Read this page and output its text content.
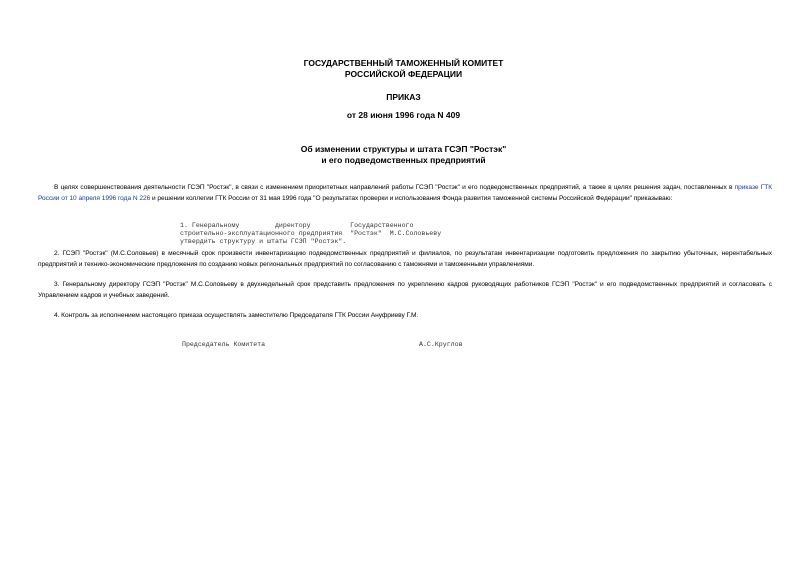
ГОСУДАРСТВЕННЫЙ ТАМОЖЕННЫЙ КОМИТЕТ
РОССИЙСКОЙ ФЕДЕРАЦИИ
ПРИКАЗ
от 28 июня 1996 года N 409
Об изменении структуры и штата ГСЭП "Ростэк"
и его подведомственных предприятий
В целях совершенствования деятельности ГСЭП "Ростэк", в связи с изменением приоритетных направлений работы ГСЭП "Ростэк" и его подведомственных предприятий, а также в целях решения задач, поставленных в приказе ГТК России от 10 апреля 1996 года N 226 и решении коллегии ГТК России от 31 мая 1996 года "О результатах проверки и использования Фонда развития таможенной системы Российской Федерации" приказываю:
1. Генеральному         директору          Государственного
строительно-эксплуатационного предприятия  "Ростэк"  М.С.Соловьеву
утвердить структуру и штаты ГСЭП "Ростэк".
2. ГСЭП "Ростэк" (М.С.Соловьев) в месячный срок произвести инвентаризацию подведомственных предприятий и филиалов, по результатам инвентаризации подготовить предложения по закрытию убыточных, нерентабельных предприятий и технико-экономические предложения по созданию новых региональных предприятий по согласованию с таможнями и таможенными управлениями.
3. Генеральному директору ГСЭП "Ростэк" М.С.Соловьеву в двухнедельный срок представить предложения по укреплению кадров руководящих работников ГСЭП "Ростэк" и его подведомственных предприятий и согласовать с Управлением кадров и учебных заведений.
4. Контроль за исполнением настоящего приказа осуществлять заместителю Председателя ГТК России Ануфриеву Г.М.
Председатель Комитета	А.С.Круглов
